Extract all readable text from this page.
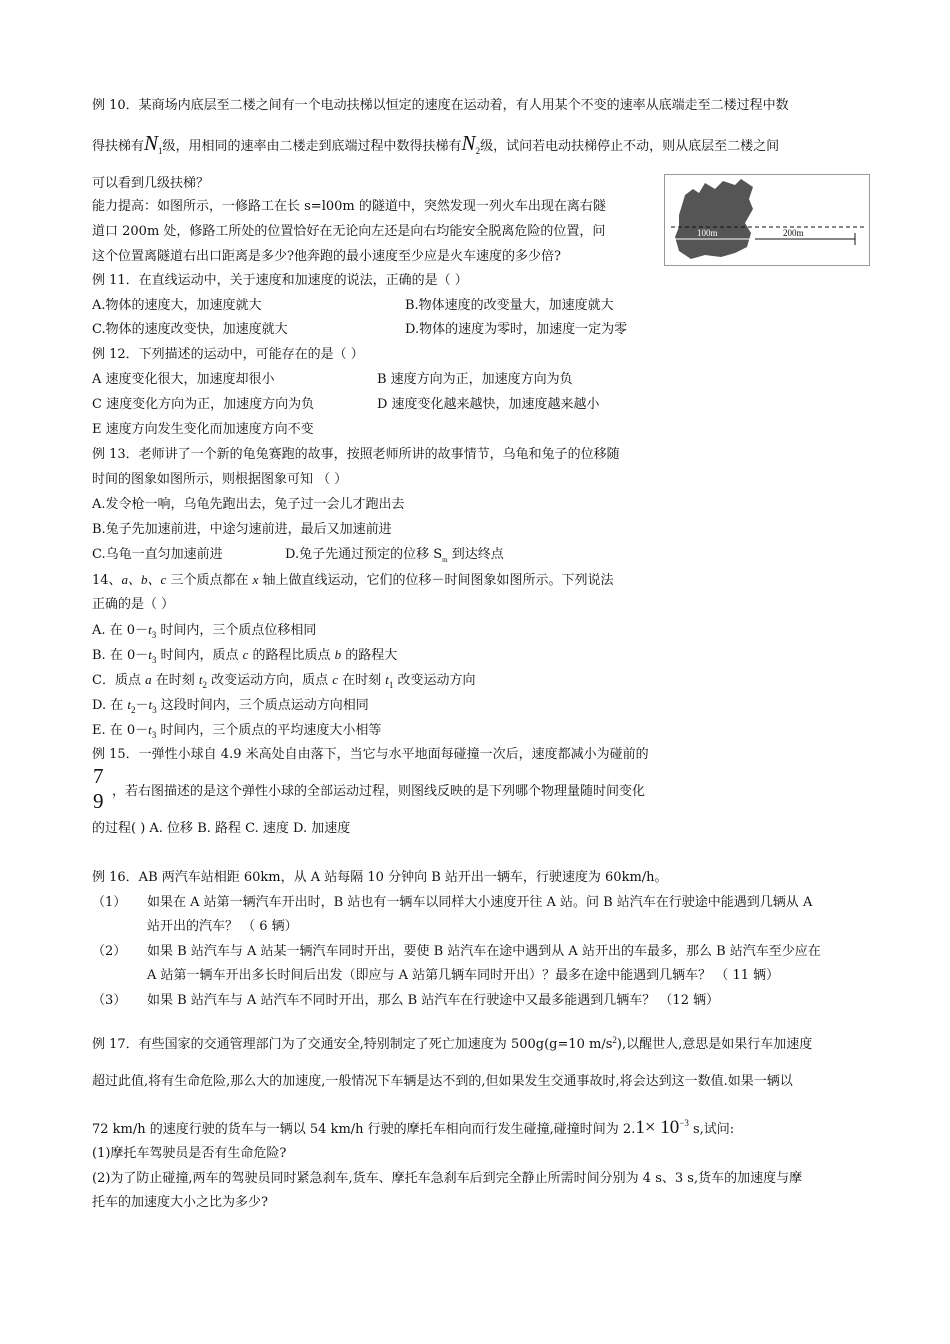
例 10．某商场内底层至二楼之间有一个电动扶梯以恒定的速度在运动着，有人用某个不变的速率从底端走至二楼过程中数
得扶梯有$N_1$级，用相同的速率由二楼走到底端过程中数得扶梯有$N_2$级，试问若电动扶梯停止不动，则从底层至二楼之间
可以看到几级扶梯？
能力提高：如图所示，一修路工在长 s=l00m 的隧道中，突然发现一列火车出现在离右隧
道口 200m 处，修路工所处的位置恰好在无论向左还是向右均能安全脱离危险的位置，问
这个位置离隧道右出口距离是多少?他奔跑的最小速度至少应是火车速度的多少倍?
100m	200m
例 11．在直线运动中，关于速度和加速度的说法，正确的是（ ）
A.物体的速度大，加速度就大	B.物体速度的改变量大，加速度就大
C.物体的速度改变快，加速度就大	D.物体的速度为零时，加速度一定为零
例 12．下列描述的运动中，可能存在的是（ ）
A 速度变化很大，加速度却很小	B 速度方向为正，加速度方向为负
C 速度变化方向为正，加速度方向为负	D 速度变化越来越快，加速度越来越小
E 速度方向发生变化而加速度方向不变
例 13．老师讲了一个新的龟兔赛跑的故事，按照老师所讲的故事情节，乌龟和兔子的位移随
时间的图象如图所示，则根据图象可知 （ ）
A.发令枪一响，乌龟先跑出去，兔子过一会儿才跑出去
B.兔子先加速前进，中途匀速前进，最后又加速前进
C.乌龟一直匀加速前进	D.兔子先通过预定的位移 $S_m$ 到达终点
14、a、b、c 三个质点都在 x 轴上做直线运动，它们的位移－时间图象如图所示。下列说法
正确的是（ ）
A. 在 $0-t_3$ 时间内，三个质点位移相同
B. 在 $0-t_3$ 时间内，质点 c 的路程比质点 b 的路程大
C．质点 a 在时刻 $t_2$ 改变运动方向，质点 c 在时刻 $t_1$ 改变运动方向
D. 在 $t_2-t_3$ 这段时间内，三个质点运动方向相同
E. 在 $0-t_3$ 时间内，三个质点的平均速度大小相等
例 15．一弹性小球自 4.9 米高处自由落下，当它与水平地面每碰撞一次后，速度都减小为碰前的
7
9 ，若右图描述的是这个弹性小球的全部运动过程，则图线反映的是下列哪个物理量随时间变化
的过程( ) A. 位移 B. 路程 C. 速度 D. 加速度
例 16．AB 两汽车站相距 60km，从 A 站每隔 10 分钟向 B 站开出一辆车，行驶速度为 60km/h。
（1） 如果在 A 站第一辆汽车开出时，B 站也有一辆车以同样大小速度开往 A 站。问 B 站汽车在行驶途中能遇到几辆从 A
站开出的汽车？ （ 6 辆）
（2） 如果 B 站汽车与 A 站某一辆汽车同时开出，要使 B 站汽车在途中遇到从 A 站开出的车最多，那么 B 站汽车至少应在
A 站第一辆车开出多长时间后出发（即应与 A 站第几辆车同时开出）？最多在途中能遇到几辆车？ （ 11 辆）
（3） 如果 B 站汽车与 A 站汽车不同时开出，那么 B 站汽车在行驶途中又最多能遇到几辆车？ （12 辆）
例 17．有些国家的交通管理部门为了交通安全,特别制定了死亡加速度为 500g(g=10 $m/s^2$),以醒世人,意思是如果行车加速度
超过此值,将有生命危险,那么大的加速度,一般情况下车辆是达不到的,但如果发生交通事故时,将会达到这一数值.如果一辆以
72 km/h 的速度行驶的货车与一辆以 54 km/h 行驶的摩托车相向而行发生碰撞,碰撞时间为 $2.1\times 10^{-3}$ s,试问:
(1)摩托车驾驶员是否有生命危险?
(2)为了防止碰撞,两车的驾驶员同时紧急刹车,货车、摩托车急刹车后到完全静止所需时间分别为 4 s、3 s,货车的加速度与摩
托车的加速度大小之比为多少?
